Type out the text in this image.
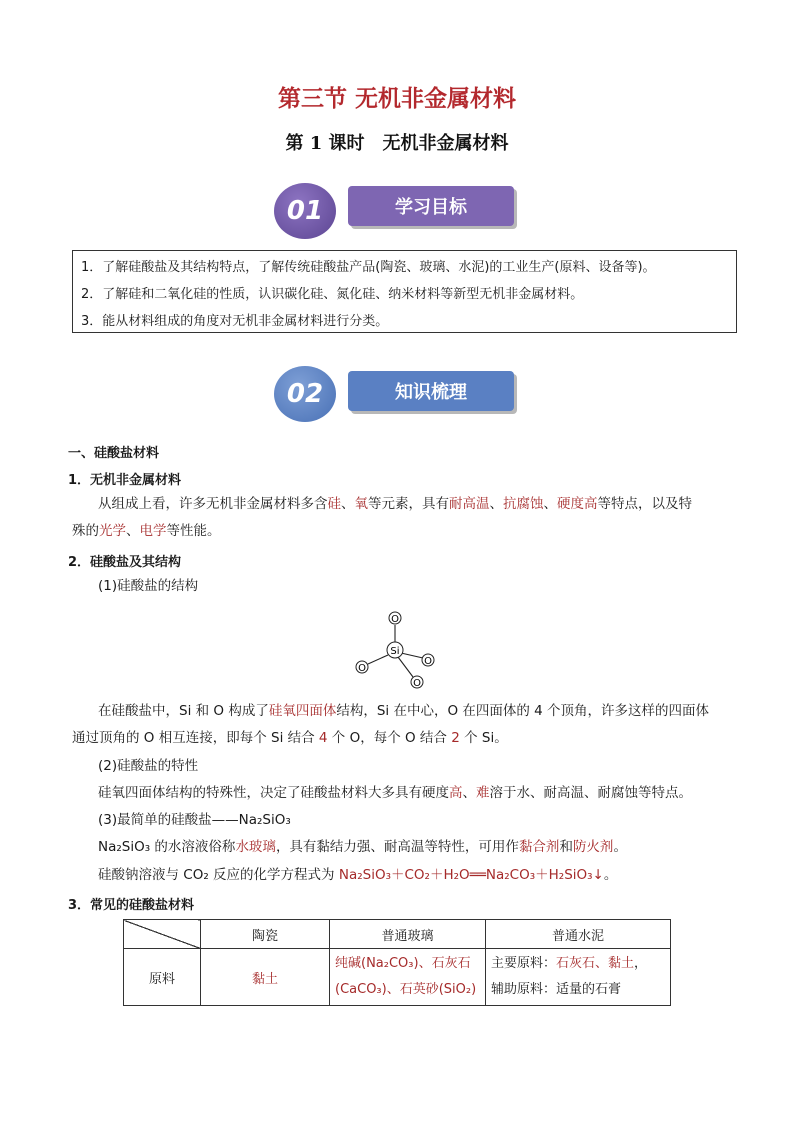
第三节 无机非金属材料
第 1 课时　无机非金属材料
01	学习目标
1．了解硅酸盐及其结构特点，了解传统硅酸盐产品(陶瓷、玻璃、水泥)的工业生产(原料、设备等)。
2．了解硅和二氧化硅的性质，认识碳化硅、氮化硅、纳米材料等新型无机非金属材料。
3．能从材料组成的角度对无机非金属材料进行分类。
02	知识梳理
一、硅酸盐材料
1．无机非金属材料
从组成上看，许多无机非金属材料多含硅、氧等元素，具有耐高温、抗腐蚀、硬度高等特点，以及特
殊的光学、电学等性能。
2．硅酸盐及其结构
(1)硅酸盐的结构
Si
O
O
O
O
在硅酸盐中，Si 和 O 构成了硅氧四面体结构，Si 在中心，O 在四面体的 4 个顶角，许多这样的四面体
通过顶角的 O 相互连接，即每个 Si 结合 4 个 O，每个 O 结合 2 个 Si。
(2)硅酸盐的特性
硅氧四面体结构的特殊性，决定了硅酸盐材料大多具有硬度高、难溶于水、耐高温、耐腐蚀等特点。
(3)最简单的硅酸盐——Na₂SiO₃
Na₂SiO₃ 的水溶液俗称水玻璃，具有黏结力强、耐高温等特性，可用作黏合剂和防火剂。
硅酸钠溶液与 CO₂ 反应的化学方程式为 Na₂SiO₃＋CO₂＋H₂O══Na₂CO₃＋H₂SiO₃↓。
3．常见的硅酸盐材料
	陶瓷	普通玻璃	普通水泥
原料	黏土	纯碱(Na₂CO₃)、石灰石(CaCO₃)、石英砂(SiO₂)	主要原料：石灰石、黏土，
辅助原料：适量的石膏
